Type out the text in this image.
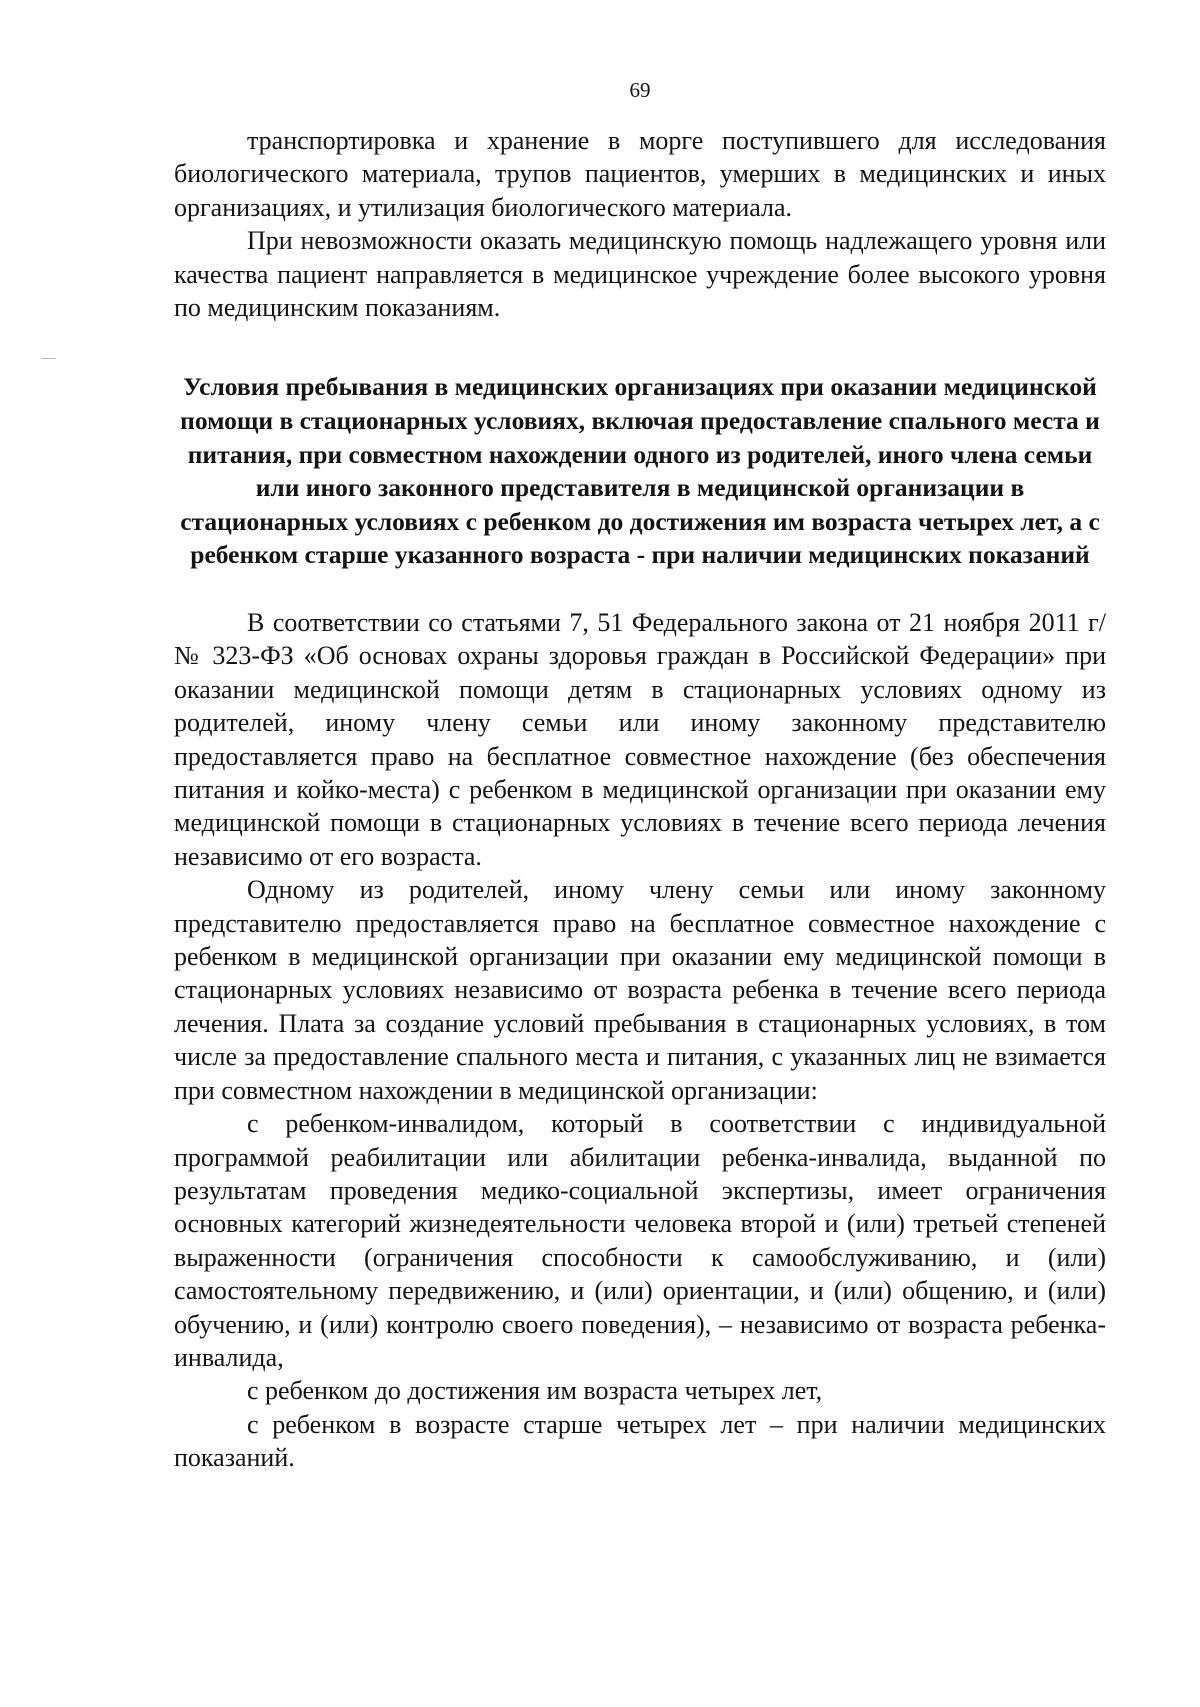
69

транспортировка и хранение в морге поступившего для исследования биологического материала, трупов пациентов, умерших в медицинских и иных организациях, и утилизация биологического материала.

При невозможности оказать медицинскую помощь надлежащего уровня или качества пациент направляется в медицинское учреждение более высокого уровня по медицинским показаниям.

Условия пребывания в медицинских организациях при оказании медицинской помощи в стационарных условиях, включая предоставление спального места и питания, при совместном нахождении одного из родителей, иного члена семьи или иного законного представителя в медицинской организации в стационарных условиях с ребенком до достижения им возраста четырех лет, а с ребенком старше указанного возраста - при наличии медицинских показаний

В соответствии со статьями 7, 51 Федерального закона от 21 ноября 2011 г/ № 323-ФЗ «Об основах охраны здоровья граждан в Российской Федерации» при оказании медицинской помощи детям в стационарных условиях одному из родителей, иному члену семьи или иному законному представителю предоставляется право на бесплатное совместное нахождение (без обеспечения питания и койко-места) с ребенком в медицинской организации при оказании ему медицинской помощи в стационарных условиях в течение всего периода лечения независимо от его возраста.

Одному из родителей, иному члену семьи или иному законному представителю предоставляется право на бесплатное совместное нахождение с ребенком в медицинской организации при оказании ему медицинской помощи в стационарных условиях независимо от возраста ребенка в течение всего периода лечения. Плата за создание условий пребывания в стационарных условиях, в том числе за предоставление спального места и питания, с указанных лиц не взимается при совместном нахождении в медицинской организации:

с ребенком-инвалидом, который в соответствии с индивидуальной программой реабилитации или абилитации ребенка-инвалида, выданной по результатам проведения медико-социальной экспертизы, имеет ограничения основных категорий жизнедеятельности человека второй и (или) третьей степеней выраженности (ограничения способности к самообслуживанию, и (или) самостоятельному передвижению, и (или) ориентации, и (или) общению, и (или) обучению, и (или) контролю своего поведения), – независимо от возраста ребенка-инвалида,

с ребенком до достижения им возраста четырех лет,

с ребенком в возрасте старше четырех лет – при наличии медицинских показаний.
